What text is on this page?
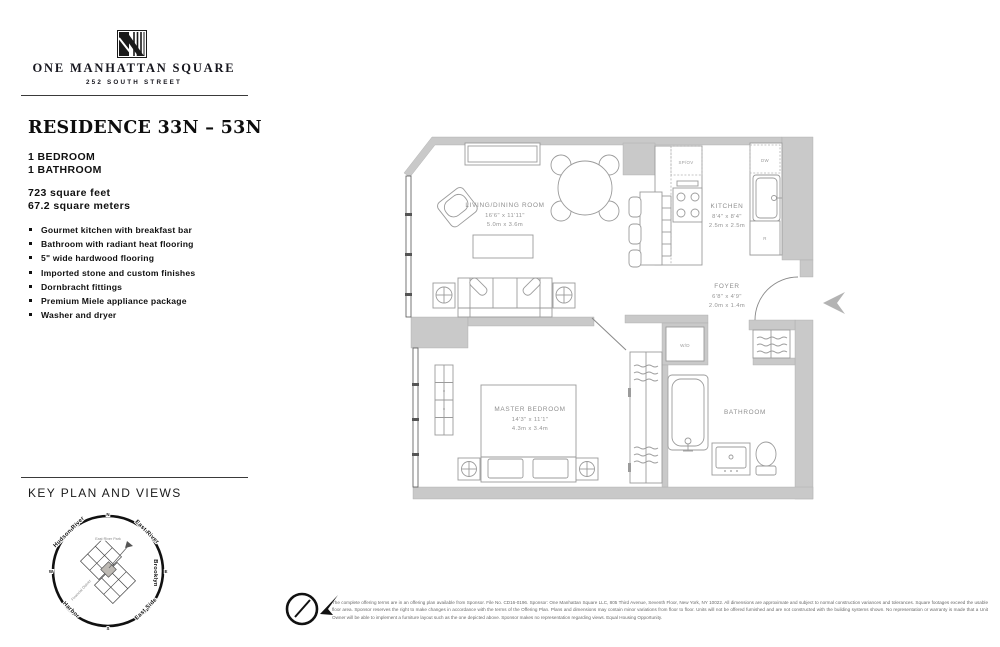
ONE MANHATTAN SQUARE
252 SOUTH STREET
RESIDENCE 33N – 53N
1 BEDROOM
1 BATHROOM
723 square feet
67.2 square meters
Gourmet kitchen with breakfast bar
Bathroom with radiant heat flooring
5" wide hardwood flooring
Imported stone and custom finishes
Dornbracht fittings
Premium Miele appliance package
Washer and dryer
KEY PLAN AND VIEWS
N
E
S
W
Hudson River	East River
Brooklyn
East Side
Harbor
East River Park
Financial District
LIVING/DINING ROOM
16'6" x 11'11"
5.0m x 3.6m
KITCHEN
8'4" x 8'4"
2.5m x 2.5m
FOYER
6'8" x 4'9"
2.0m x 1.4m
MASTER BEDROOM
14'3" x 11'1"
4.3m x 3.4m
BATHROOM
SP/OV	DW
R
W/D
The complete offering terms are in an offering plan available from Sponsor. File No. CD16-0196. Sponsor: One Manhattan Square LLC, 805 Third Avenue, Seventh Floor, New York, NY 10022. All dimensions are approximate and subject to normal construction variances and tolerances. Square footages exceed the usable floor area. Sponsor reserves the right to make changes in accordance with the terms of the Offering Plan. Plans and dimensions may contain minor variations from floor to floor. Units will not be offered furnished and are not constructed with the building systems shown. No representation or warranty is made that a Unit Owner will be able to implement a furniture layout such as the one depicted above. Sponsor makes no representation regarding views. Equal Housing Opportunity.
